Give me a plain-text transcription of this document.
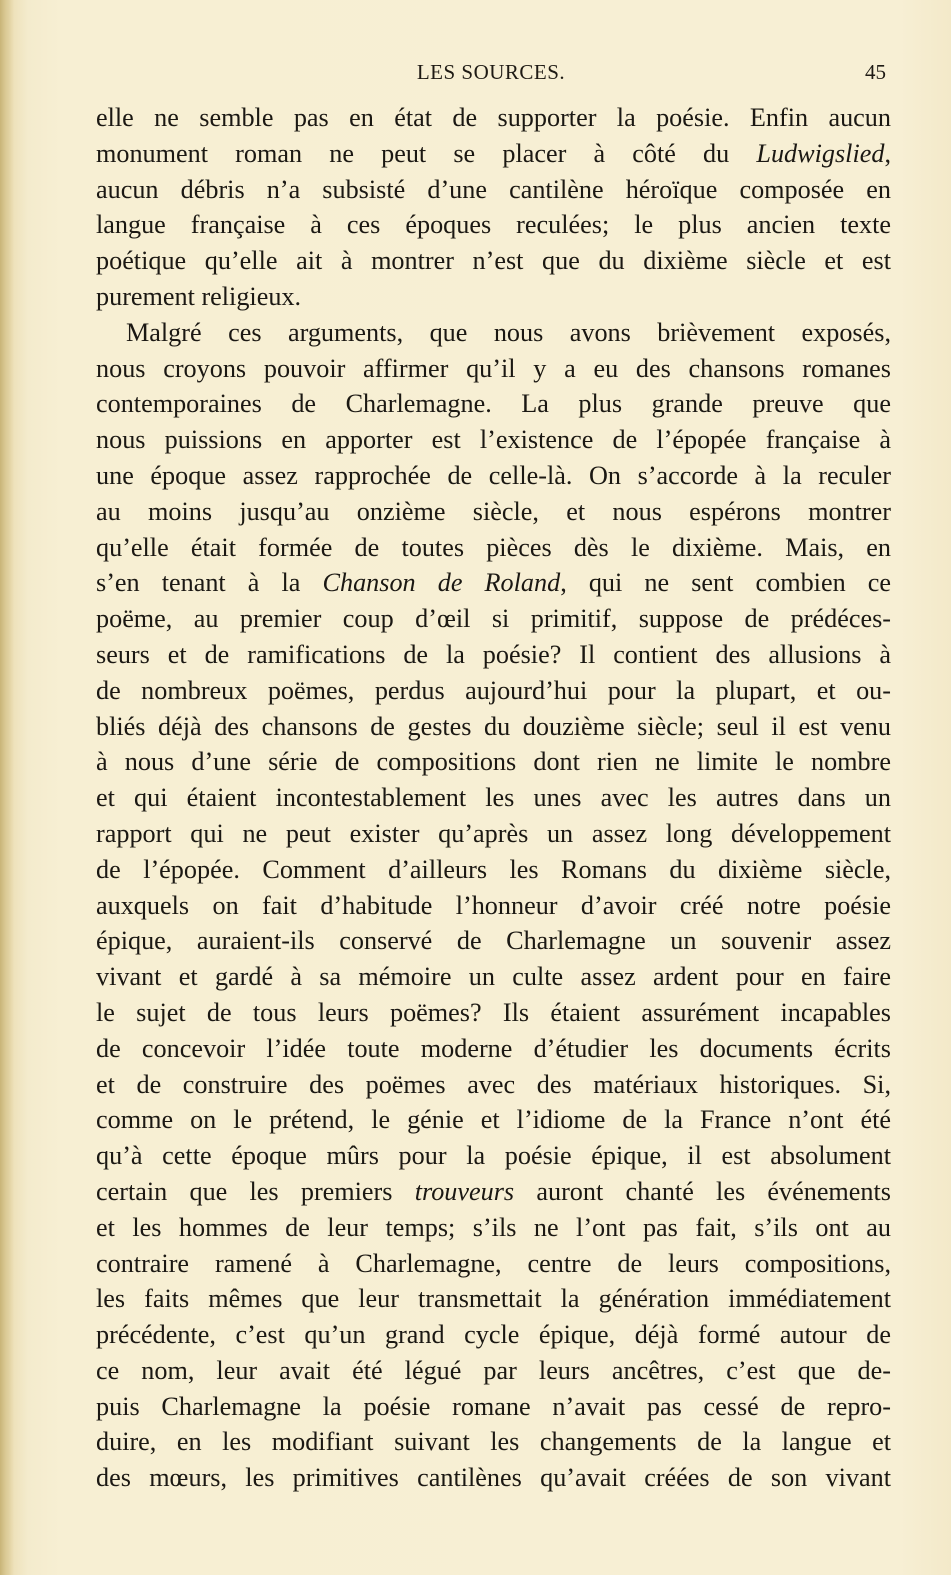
LES SOURCES.	45
elle ne semble pas en état de supporter la poésie. Enfin aucun
monument roman ne peut se placer à côté du Ludwigslied,
aucun débris n’a subsisté d’une cantilène héroïque composée en
langue française à ces époques reculées; le plus ancien texte
poétique qu’elle ait à montrer n’est que du dixième siècle et est
purement religieux.
Malgré ces arguments, que nous avons brièvement exposés,
nous croyons pouvoir affirmer qu’il y a eu des chansons romanes
contemporaines de Charlemagne. La plus grande preuve que
nous puissions en apporter est l’existence de l’épopée française à
une époque assez rapprochée de celle-là. On s’accorde à la reculer
au moins jusqu’au onzième siècle, et nous espérons montrer
qu’elle était formée de toutes pièces dès le dixième. Mais, en
s’en tenant à la Chanson de Roland, qui ne sent combien ce
poëme, au premier coup d’œil si primitif, suppose de prédéces-
seurs et de ramifications de la poésie? Il contient des allusions à
de nombreux poëmes, perdus aujourd’hui pour la plupart, et ou-
bliés déjà des chansons de gestes du douzième siècle; seul il est venu
à nous d’une série de compositions dont rien ne limite le nombre
et qui étaient incontestablement les unes avec les autres dans un
rapport qui ne peut exister qu’après un assez long développement
de l’épopée. Comment d’ailleurs les Romans du dixième siècle,
auxquels on fait d’habitude l’honneur d’avoir créé notre poésie
épique, auraient-ils conservé de Charlemagne un souvenir assez
vivant et gardé à sa mémoire un culte assez ardent pour en faire
le sujet de tous leurs poëmes? Ils étaient assurément incapables
de concevoir l’idée toute moderne d’étudier les documents écrits
et de construire des poëmes avec des matériaux historiques. Si,
comme on le prétend, le génie et l’idiome de la France n’ont été
qu’à cette époque mûrs pour la poésie épique, il est absolument
certain que les premiers trouveurs auront chanté les événements
et les hommes de leur temps; s’ils ne l’ont pas fait, s’ils ont au
contraire ramené à Charlemagne, centre de leurs compositions,
les faits mêmes que leur transmettait la génération immédiatement
précédente, c’est qu’un grand cycle épique, déjà formé autour de
ce nom, leur avait été légué par leurs ancêtres, c’est que de-
puis Charlemagne la poésie romane n’avait pas cessé de repro-
duire, en les modifiant suivant les changements de la langue et
des mœurs, les primitives cantilènes qu’avait créées de son vivant
